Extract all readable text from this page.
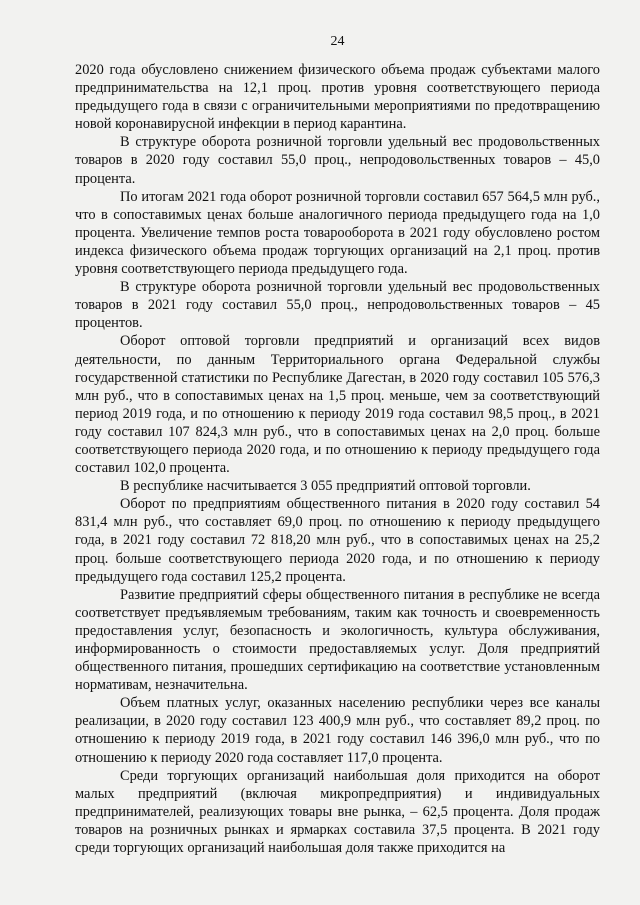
24

2020 года обусловлено снижением физического объема продаж субъектами малого предпринимательства на 12,1 проц. против уровня соответствующего периода предыдущего года в связи с ограничительными мероприятиями по предотвращению новой коронавирусной инфекции в период карантина.

В структуре оборота розничной торговли удельный вес продовольственных товаров в 2020 году составил 55,0 проц., непродовольственных товаров – 45,0 процента.

По итогам 2021 года оборот розничной торговли составил 657 564,5 млн руб., что в сопоставимых ценах больше аналогичного периода предыдущего года на 1,0 процента. Увеличение темпов роста товарооборота в 2021 году обусловлено ростом индекса физического объема продаж торгующих организаций на 2,1 проц. против уровня соответствующего периода предыдущего года.

В структуре оборота розничной торговли удельный вес продовольственных товаров в 2021 году составил 55,0 проц., непродовольственных товаров – 45 процентов.

Оборот оптовой торговли предприятий и организаций всех видов деятельности, по данным Территориального органа Федеральной службы государственной статистики по Республике Дагестан, в 2020 году составил 105 576,3 млн руб., что в сопоставимых ценах на 1,5 проц. меньше, чем за соответствующий период 2019 года, и по отношению к периоду 2019 года составил 98,5 проц., в 2021 году составил 107 824,3 млн руб., что в сопоставимых ценах на 2,0 проц. больше соответствующего периода 2020 года, и по отношению к периоду предыдущего года составил 102,0 процента.

В республике насчитывается 3 055 предприятий оптовой торговли.

Оборот по предприятиям общественного питания в 2020 году составил 54 831,4 млн руб., что составляет 69,0 проц. по отношению к периоду предыдущего года, в 2021 году составил 72 818,20 млн руб., что в сопоставимых ценах на 25,2 проц. больше соответствующего периода 2020 года, и по отношению к периоду предыдущего года составил 125,2 процента.

Развитие предприятий сферы общественного питания в республике не всегда соответствует предъявляемым требованиям, таким как точность и своевременность предоставления услуг, безопасность и экологичность, культура обслуживания, информированность о стоимости предоставляемых услуг. Доля предприятий общественного питания, прошедших сертификацию на соответствие установленным нормативам, незначительна.

Объем платных услуг, оказанных населению республики через все каналы реализации, в 2020 году составил 123 400,9 млн руб., что составляет 89,2 проц. по отношению к периоду 2019 года, в 2021 году составил 146 396,0 млн руб., что по отношению к периоду 2020 года составляет 117,0 процента.

Среди торгующих организаций наибольшая доля приходится на оборот малых предприятий (включая микропредприятия) и индивидуальных предпринимателей, реализующих товары вне рынка, – 62,5 процента. Доля продаж товаров на розничных рынках и ярмарках составила 37,5 процента. В 2021 году среди торгующих организаций наибольшая доля также приходится на
